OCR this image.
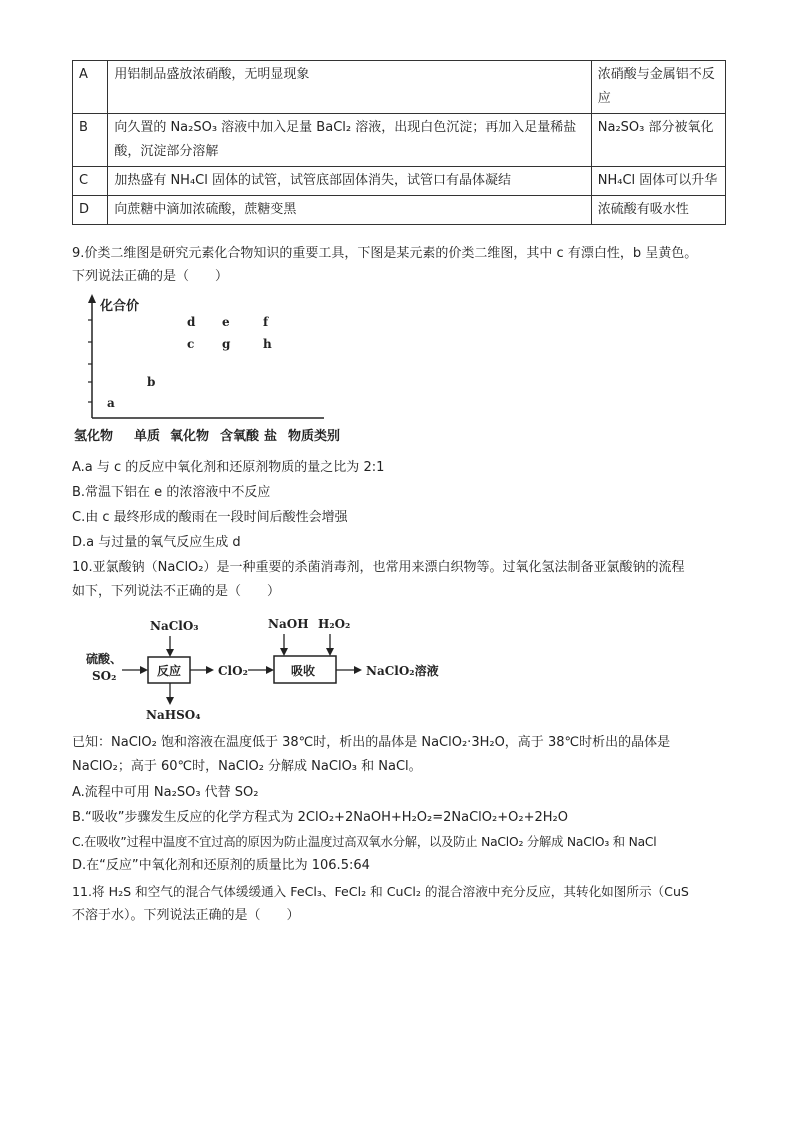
A	用铝制品盛放浓硝酸，无明显现象	浓硝酸与金属铝不反应
B	向久置的 Na₂SO₃ 溶液中加入足量 BaCl₂ 溶液，出现白色沉淀；再加入足量稀盐酸，沉淀部分溶解	Na₂SO₃ 部分被氧化
C	加热盛有 NH₄Cl 固体的试管，试管底部固体消失，试管口有晶体凝结	NH₄Cl 固体可以升华
D	向蔗糖中滴加浓硫酸，蔗糖变黑	浓硫酸有吸水性
9.价类二维图是研究元素化合物知识的重要工具，下图是某元素的价类二维图，其中 c 有漂白性，b 呈黄色。
下列说法正确的是（　　）
化合价
a
b
c
d e
g
f
h
氢化物 单质 氧化物 含氧酸 盐 物质类别
A.a 与 c 的反应中氧化剂和还原剂物质的量之比为 2:1
B.常温下铝在 e 的浓溶液中不反应
C.由 c 最终形成的酸雨在一段时间后酸性会增强
D.a 与过量的氧气反应生成 d
10.亚氯酸钠（NaClO₂）是一种重要的杀菌消毒剂，也常用来漂白织物等。过氧化氢法制备亚氯酸钠的流程
如下，下列说法不正确的是（　　）
NaClO₃
硫酸、
SO₂	反应
NaHSO₄
ClO₂	吸收
NaOH H₂O₂
NaClO₂溶液
已知：NaClO₂ 饱和溶液在温度低于 38℃时，析出的晶体是 NaClO₂·3H₂O，高于 38℃时析出的晶体是
NaClO₂；高于 60℃时，NaClO₂ 分解成 NaClO₃ 和 NaCl。
A.流程中可用 Na₂SO₃ 代替 SO₂
B.“吸收”步骤发生反应的化学方程式为 2ClO₂+2NaOH+H₂O₂=2NaClO₂+O₂+2H₂O
C.在吸收”过程中温度不宜过高的原因为防止温度过高双氧水分解，以及防止 NaClO₂ 分解成 NaClO₃ 和 NaCl
D.在“反应”中氧化剂和还原剂的质量比为 106.5:64
11.将 H₂S 和空气的混合气体缓缓通入 FeCl₃、FeCl₂ 和 CuCl₂ 的混合溶液中充分反应，其转化如图所示（CuS
不溶于水）。下列说法正确的是（　　）
